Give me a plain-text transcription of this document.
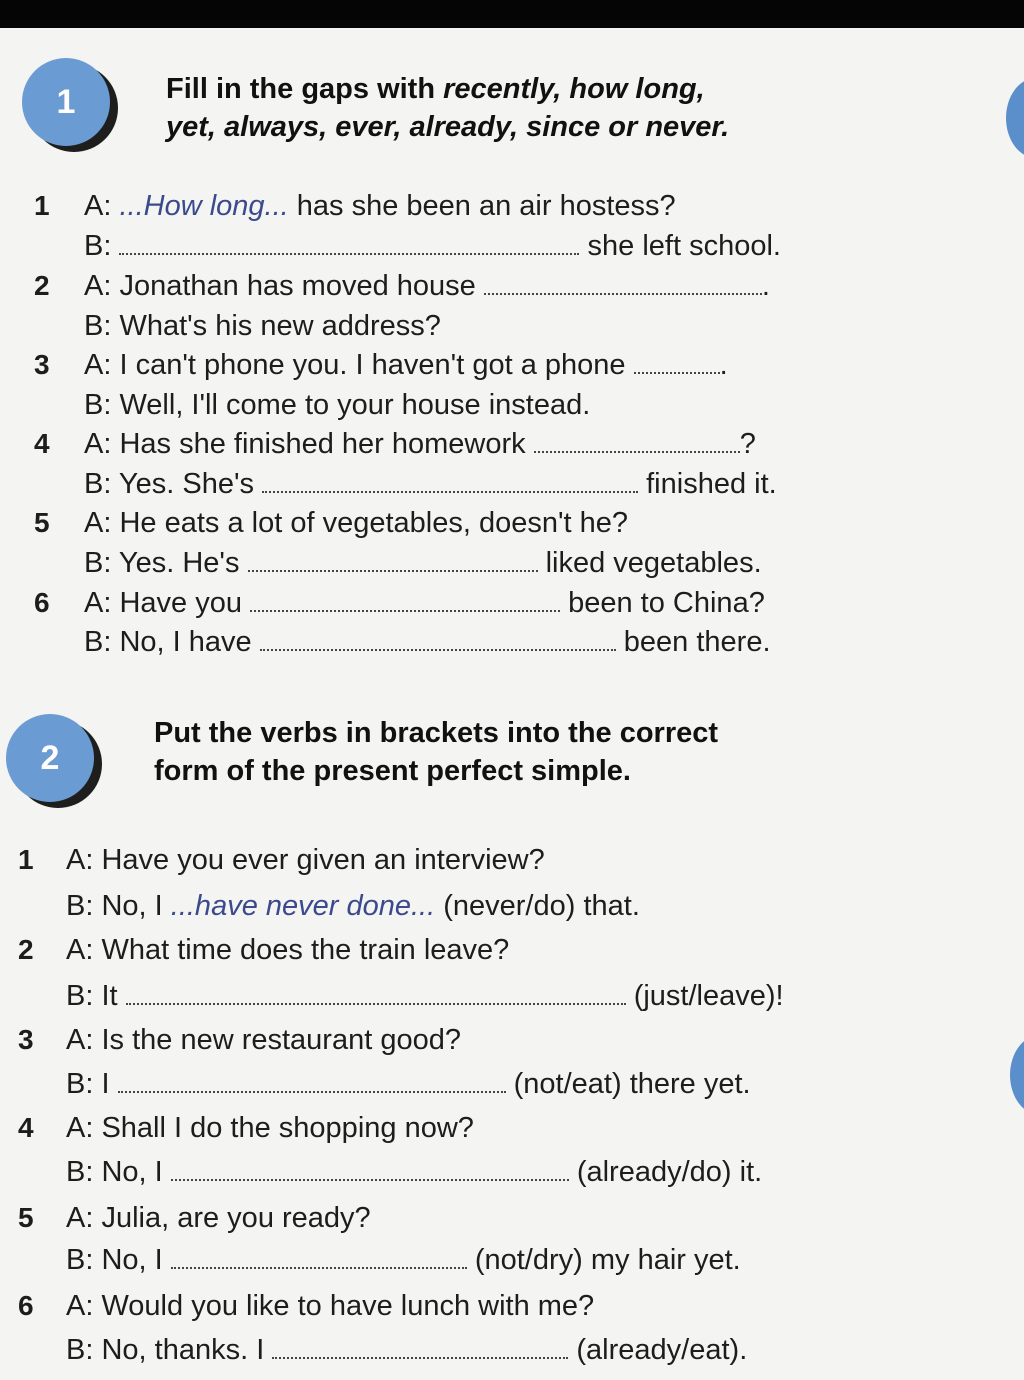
1	Fill in the gaps with recently, how long,
yet, always, ever, already, since or never.
1 A: ...How long... has she been an air hostess?
B:	she left school.
2 A: Jonathan has moved house	.
B: What's his new address?
3 A: I can't phone you. I haven't got a phone	.
B: Well, I'll come to your house instead.
4 A: Has she finished her homework	?
B: Yes. She's	finished it.
5 A: He eats a lot of vegetables, doesn't he?
B: Yes. He's	liked vegetables.
6 A: Have you	been to China?
B: No, I have	been there.
2
Put the verbs in brackets into the correct
form of the present perfect simple.
1 A: Have you ever given an interview?
B: No, I ...have never done... (never/do) that.
2 A: What time does the train leave?
B: It	(just/leave)!
3 A: Is the new restaurant good?
B: I	(not/eat) there yet.
4 A: Shall I do the shopping now?
B: No, I	(already/do) it.
5 A: Julia, are you ready?
B: No, I	(not/dry) my hair yet.
6 A: Would you like to have lunch with me?
B: No, thanks. I	(already/eat).
